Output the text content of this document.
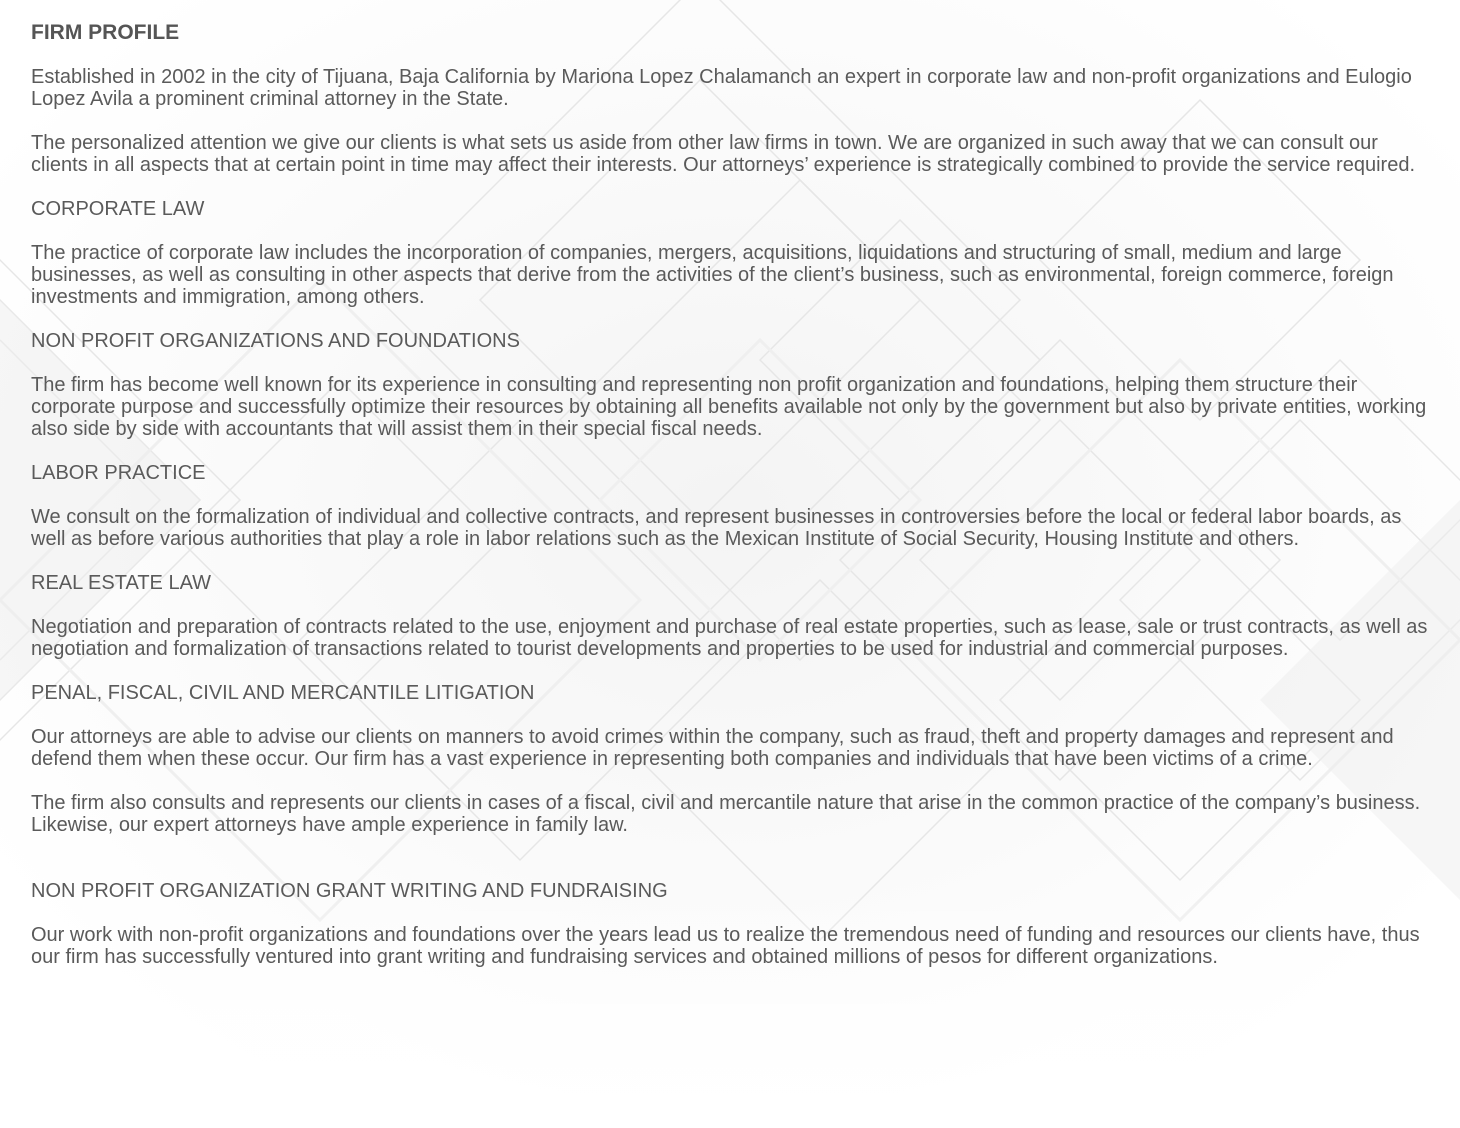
FIRM PROFILE
Established in 2002 in the city of Tijuana, Baja California by Mariona Lopez Chalamanch an expert in corporate law and non-profit organizations and Eulogio Lopez Avila a prominent criminal attorney in the State.
The personalized attention we give our clients is what sets us aside from other law firms in town. We are organized in such away that we can consult our clients in all aspects that at certain point in time may affect their interests. Our attorneys’ experience is strategically combined to provide the service required.
CORPORATE LAW
The practice of corporate law includes the incorporation of companies, mergers, acquisitions, liquidations and structuring of small, medium and large businesses, as well as consulting in other aspects that derive from the activities of the client’s business, such as environmental, foreign commerce, foreign investments and immigration, among others.
NON PROFIT ORGANIZATIONS AND FOUNDATIONS
The firm has become well known for its experience in consulting and representing non profit organization and foundations, helping them structure their corporate purpose and successfully optimize their resources by obtaining all benefits available not only by the government but also by private entities, working also side by side with accountants that will assist them in their special fiscal needs.
LABOR PRACTICE
We consult on the formalization of individual and collective contracts, and represent businesses in controversies before the local or federal labor boards, as well as before various authorities that play a role in labor relations such as the Mexican Institute of Social Security, Housing Institute and others.
REAL ESTATE LAW
Negotiation and preparation of contracts related to the use, enjoyment and purchase of real estate properties, such as lease, sale or trust contracts, as well as negotiation and formalization of transactions related to tourist developments and properties to be used for industrial and commercial purposes.
PENAL, FISCAL, CIVIL AND MERCANTILE LITIGATION
Our attorneys are able to advise our clients on manners to avoid crimes within the company, such as fraud, theft and property damages and represent and defend them when these occur. Our firm has a vast experience in representing both companies and individuals that have been victims of a crime.
The firm also consults and represents our clients in cases of a fiscal, civil and mercantile nature that arise in the common practice of the company’s business. Likewise, our expert attorneys have ample experience in family law.
NON PROFIT ORGANIZATION GRANT WRITING AND FUNDRAISING
Our work with non-profit organizations and foundations over the years lead us to realize the tremendous need of funding and resources our clients have, thus our firm has successfully ventured into grant writing and fundraising services and obtained millions of pesos for different organizations.
